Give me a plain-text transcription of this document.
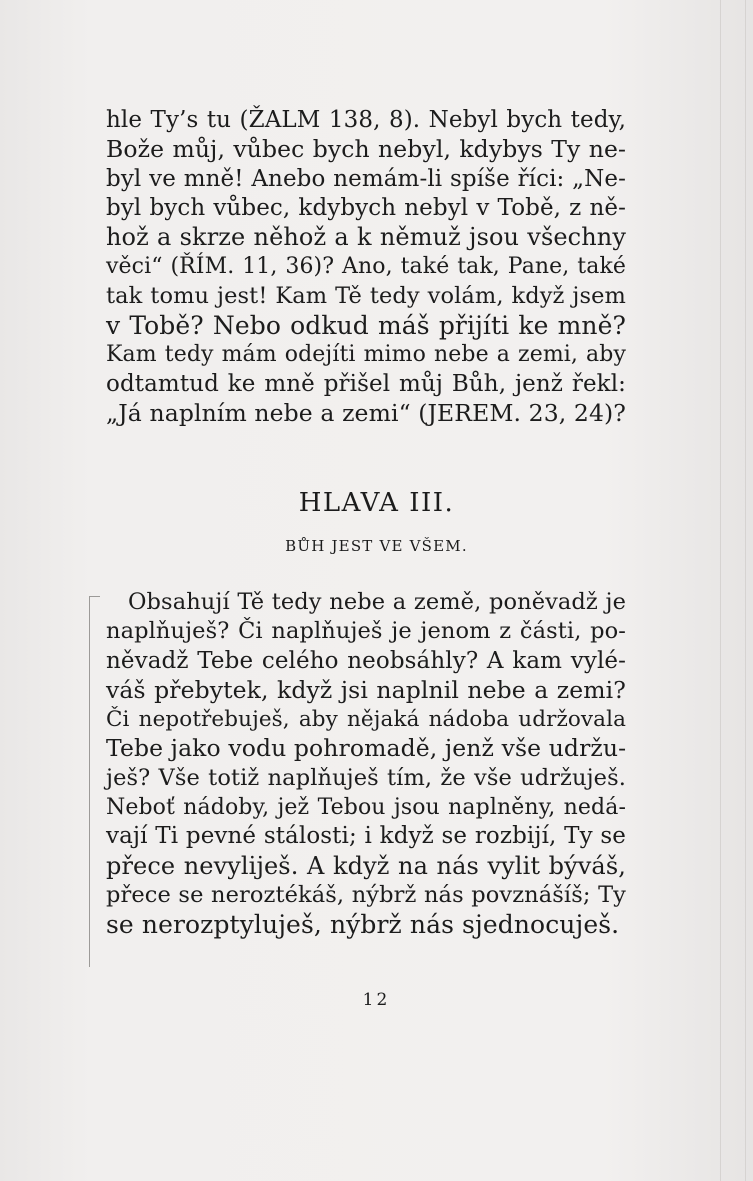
hle Ty’s tu (ŽALM 138, 8). Nebyl bych tedy,
Bože můj, vůbec bych nebyl, kdybys Ty ne-
byl ve mně! Anebo nemám-li spíše říci: „Ne-
byl bych vůbec, kdybych nebyl v Tobě, z ně-
hož a skrze něhož a k němuž jsou všechny
věci“ (ŘÍM. 11, 36)? Ano, také tak, Pane, také
tak tomu jest! Kam Tě tedy volám, když jsem
v Tobě? Nebo odkud máš přijíti ke mně?
Kam tedy mám odejíti mimo nebe a zemi, aby
odtamtud ke mně přišel můj Bůh, jenž řekl:
„Já naplním nebe a zemi“ (JEREM. 23, 24)?
HLAVA III.
BŮH JEST VE VŠEM.
Obsahují Tě tedy nebe a země, poněvadž je
naplňuješ? Či naplňuješ je jenom z části, po-
něvadž Tebe celého neobsáhly? A kam vylé-
váš přebytek, když jsi naplnil nebe a zemi?
Či nepotřebuješ, aby nějaká nádoba udržovala
Tebe jako vodu pohromadě, jenž vše udržu-
ješ? Vše totiž naplňuješ tím, že vše udržuješ.
Neboť nádoby, jež Tebou jsou naplněny, nedá-
vají Ti pevné stálosti; i když se rozbijí, Ty se
přece nevyliješ. A když na nás vylit býváš,
přece se neroztékáš, nýbrž nás povznášíš; Ty
se nerozptyluješ, nýbrž nás sjednocuješ.
12
